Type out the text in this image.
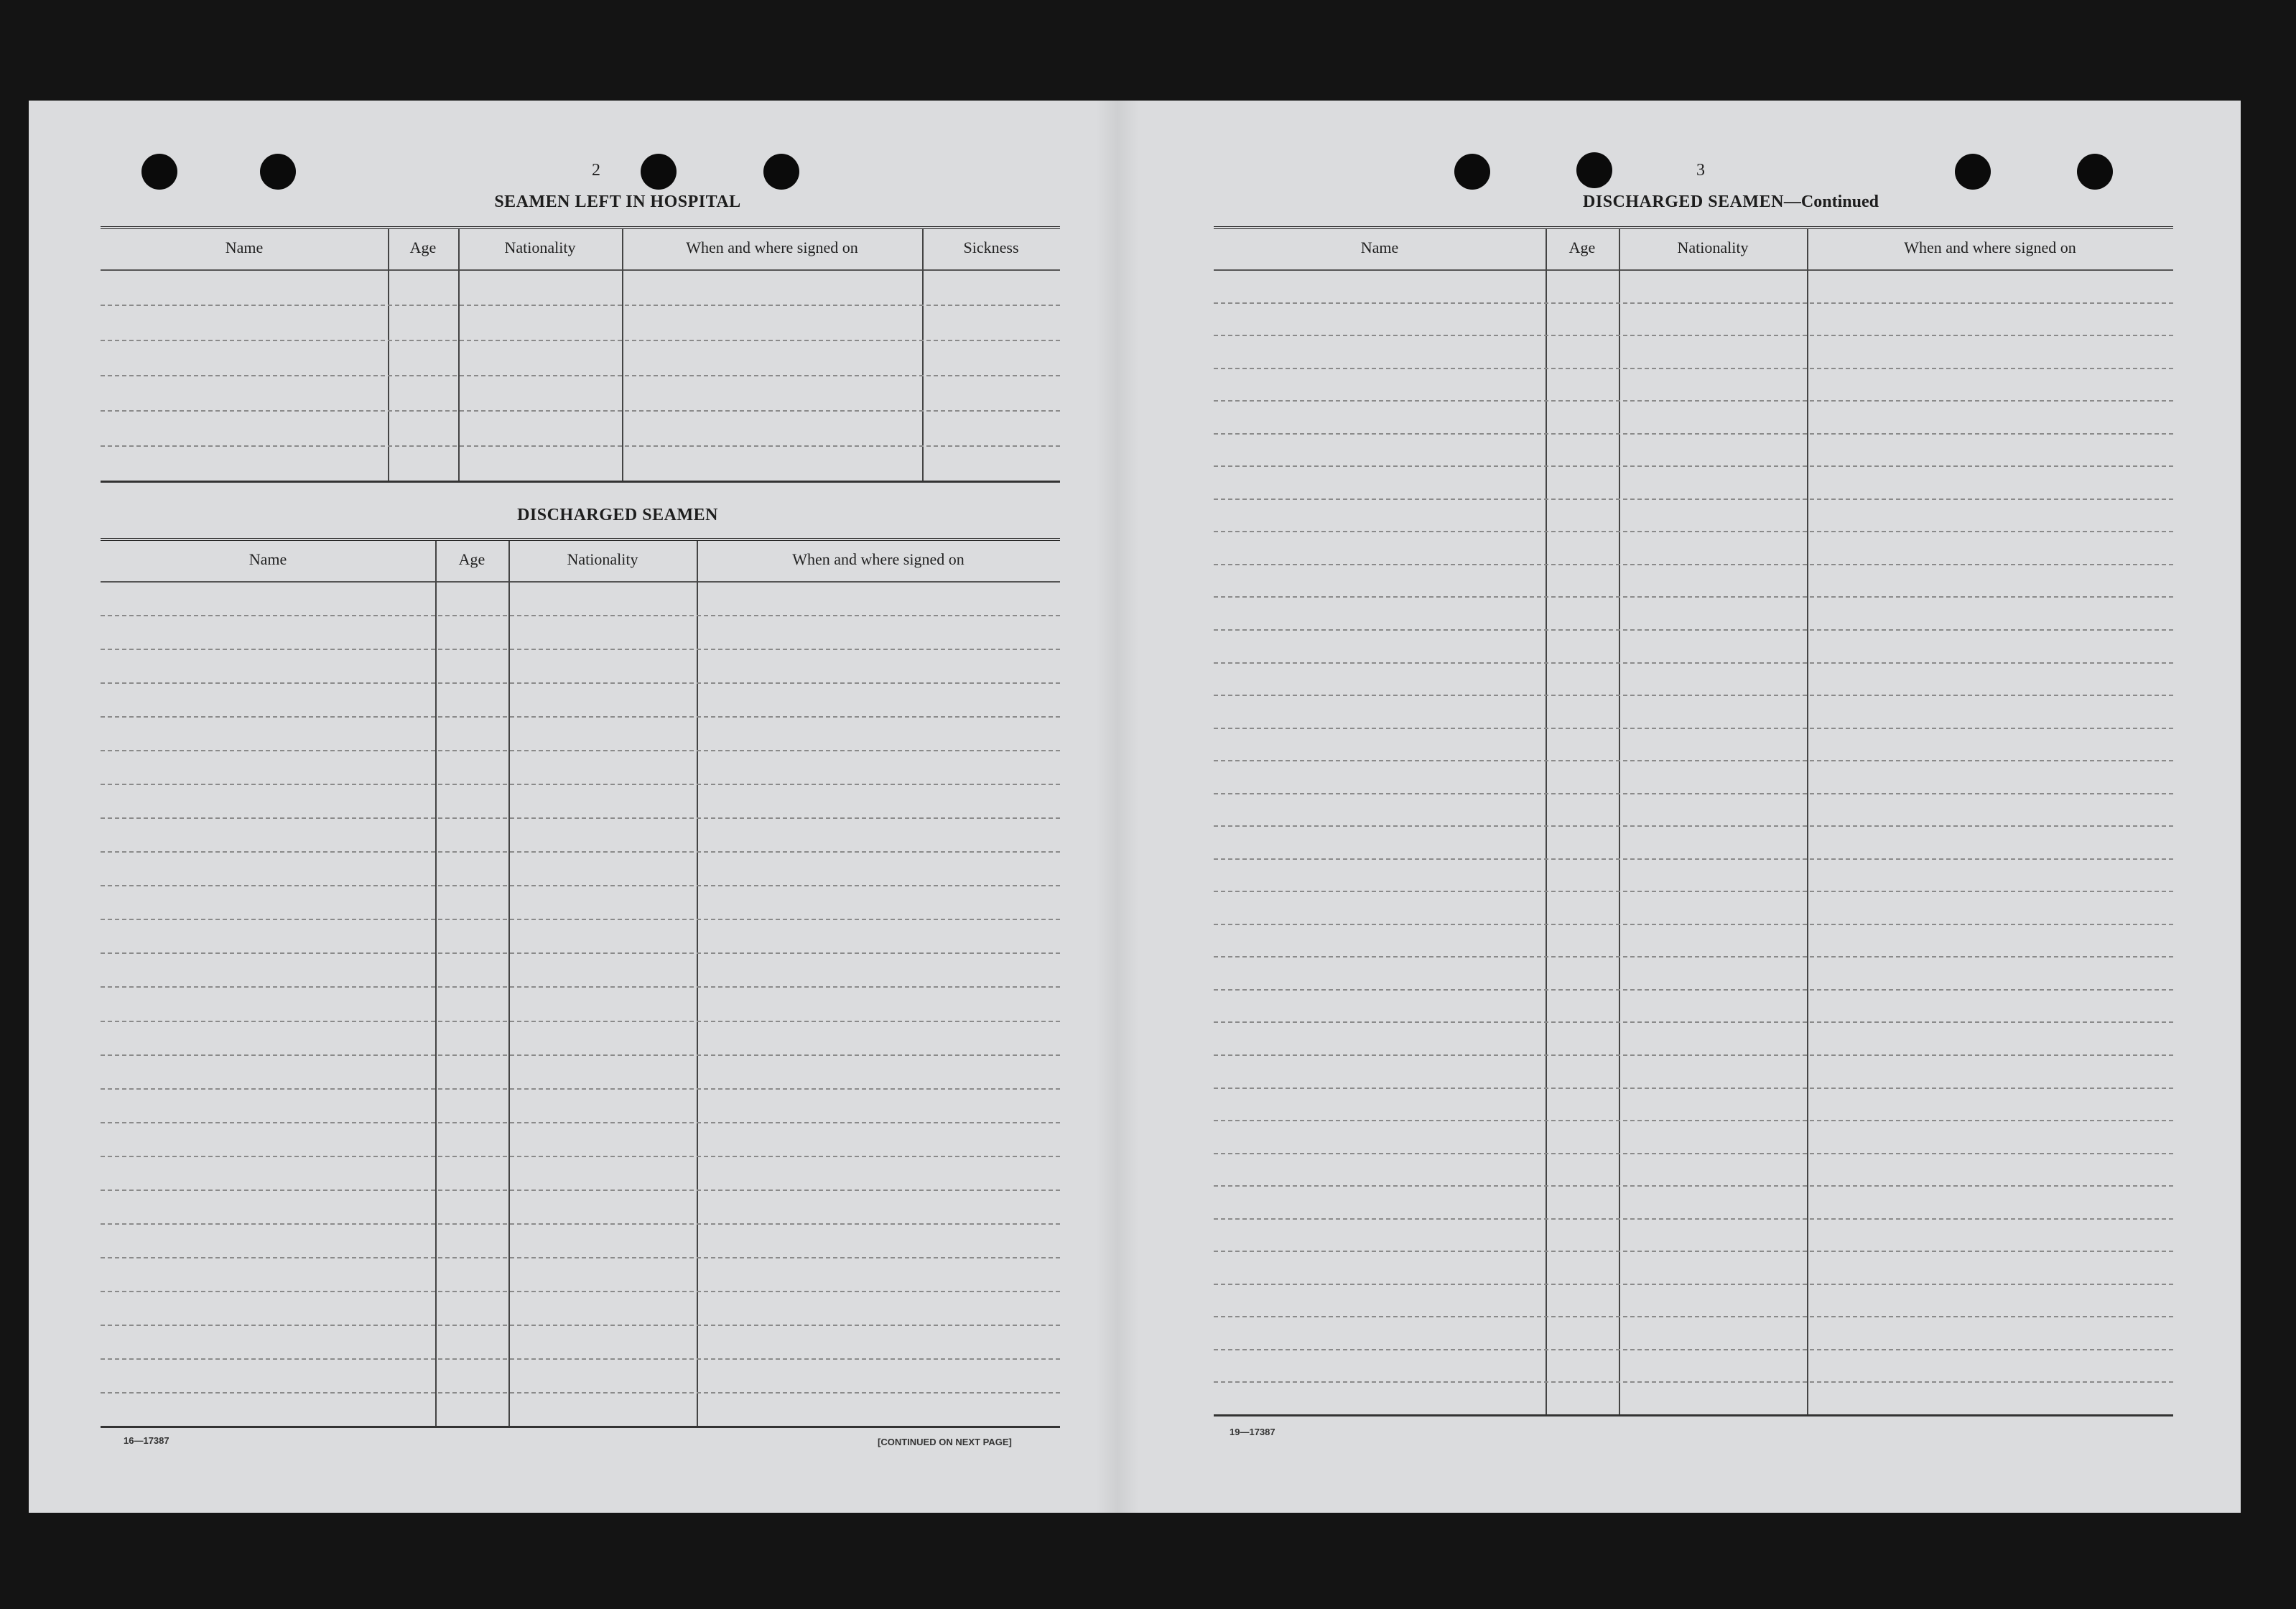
2
SEAMEN LEFT IN HOSPITAL
Name	Age	Nationality	When and where signed on	Sickness
DISCHARGED SEAMEN
Name	Age	Nationality	When and where signed on
16—17387	[CONTINUED ON NEXT PAGE]
3
DISCHARGED SEAMEN—Continued
Name	Age	Nationality	When and where signed on
19—17387
